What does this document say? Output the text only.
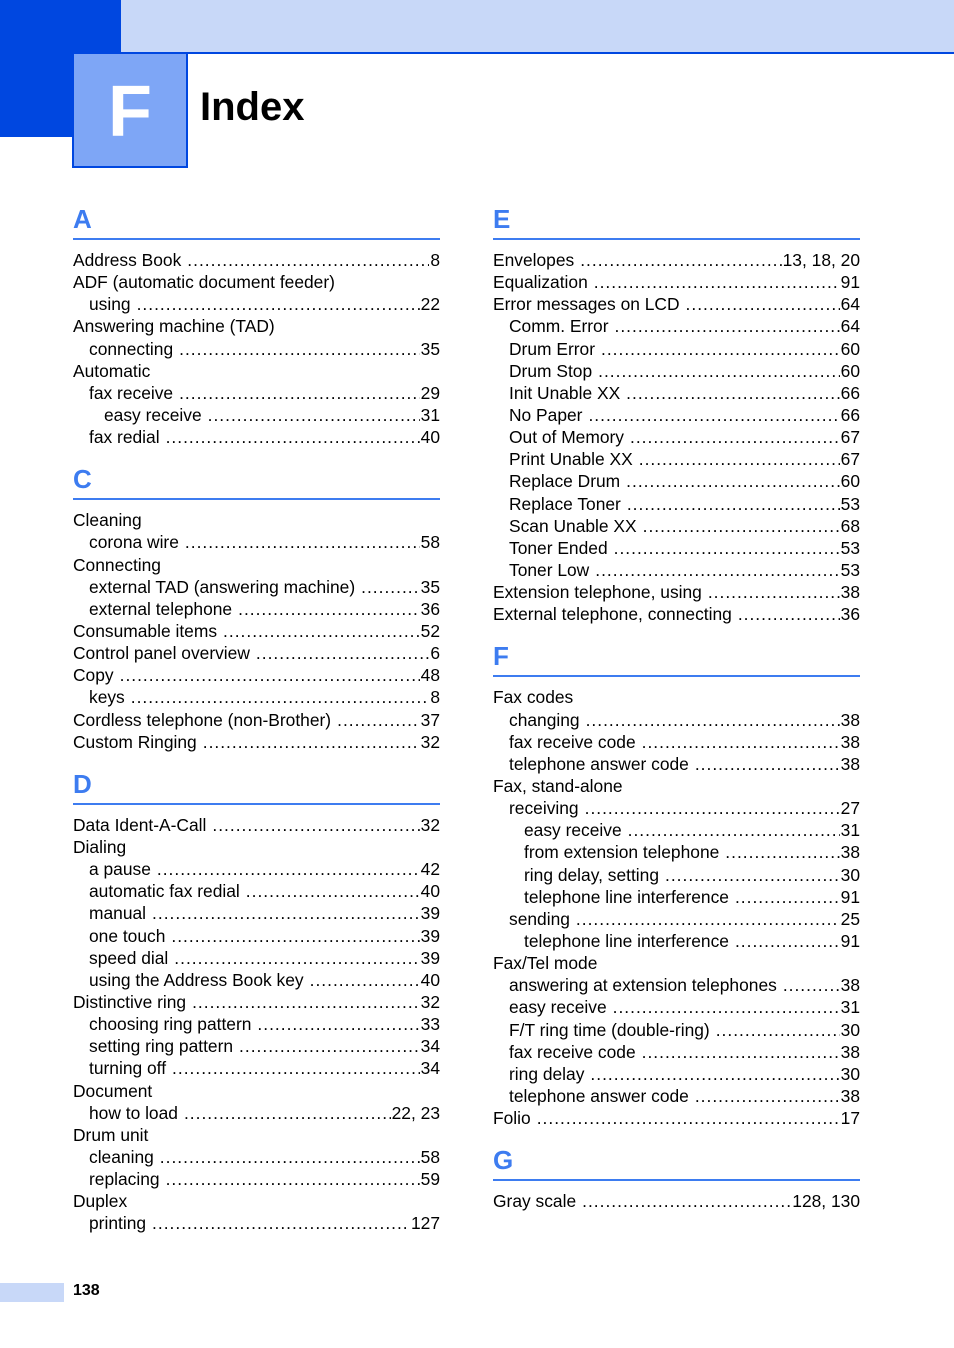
F	Index
A
Address Book .....	8
ADF (automatic document feeder)
using .....	22
Answering machine (TAD)
connecting .....	35
Automatic
fax receive .....	29
easy receive .....	31
fax redial .....	40
C
Cleaning
corona wire .....	58
Connecting
external TAD (answering machine) .....	35
external telephone .....	36
Consumable items .....	52
Control panel overview .....	6
Copy .....	48
keys .....	8
Cordless telephone (non-Brother) .....	37
Custom Ringing .....	32
D
Data Ident-A-Call .....	32
Dialing
a pause .....	42
automatic fax redial .....	40
manual .....	39
one touch .....	39
speed dial .....	39
using the Address Book key .....	40
Distinctive ring .....	32
choosing ring pattern .....	33
setting ring pattern .....	34
turning off .....	34
Document
how to load .....	22, 23
Drum unit
cleaning .....	58
replacing .....	59
Duplex
printing .....	127
E
Envelopes .....	13, 18, 20
Equalization .....	91
Error messages on LCD .....	64
Comm. Error .....	64
Drum Error .....	60
Drum Stop .....	60
Init Unable XX .....	66
No Paper .....	66
Out of Memory .....	67
Print Unable XX .....	67
Replace Drum .....	60
Replace Toner .....	53
Scan Unable XX .....	68
Toner Ended .....	53
Toner Low .....	53
Extension telephone, using .....	38
External telephone, connecting .....	36
F
Fax codes
changing .....	38
fax receive code .....	38
telephone answer code .....	38
Fax, stand-alone
receiving .....	27
easy receive .....	31
from extension telephone .....	38
ring delay, setting .....	30
telephone line interference .....	91
sending .....	25
telephone line interference .....	91
Fax/Tel mode
answering at extension telephones .....	38
easy receive .....	31
F/T ring time (double-ring) .....	30
fax receive code .....	38
ring delay .....	30
telephone answer code .....	38
Folio .....	17
G
Gray scale .....	128, 130
138
